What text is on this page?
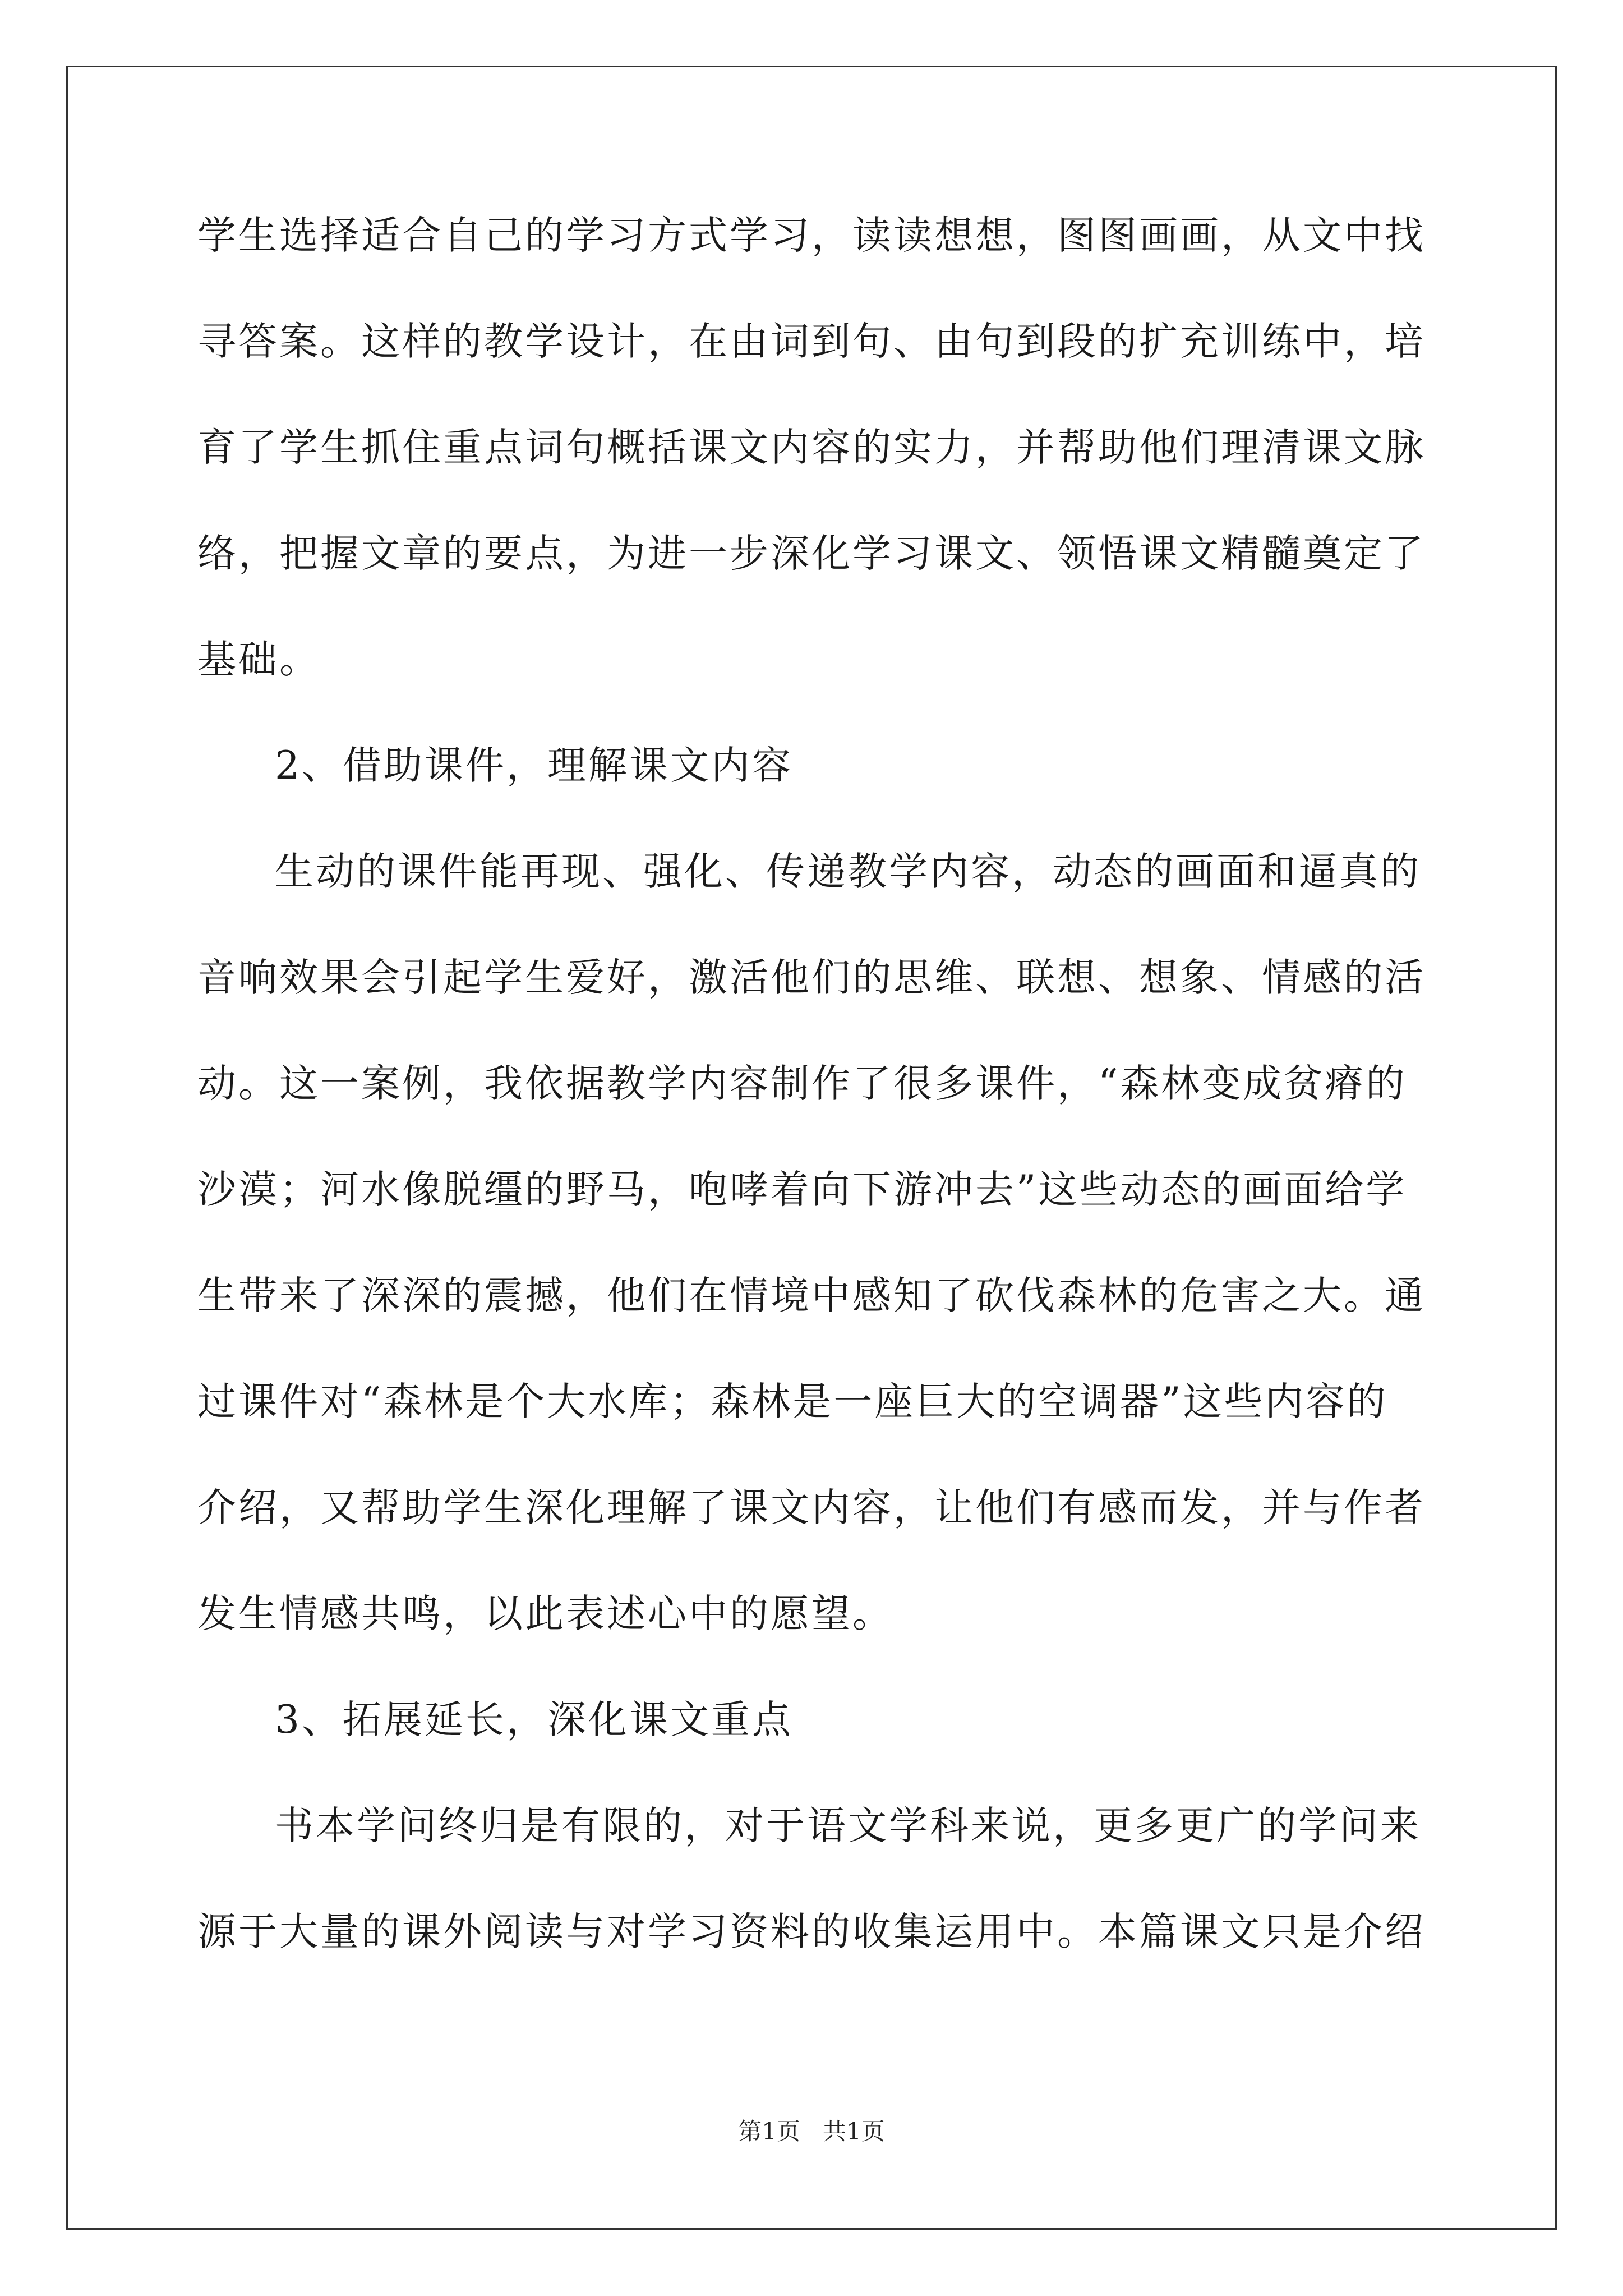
学生选择适合自己的学习方式学习，读读想想，图图画画，从文中找
寻答案。这样的教学设计，在由词到句、由句到段的扩充训练中，培
育了学生抓住重点词句概括课文内容的实力，并帮助他们理清课文脉
络，把握文章的要点，为进一步深化学习课文、领悟课文精髓奠定了
基础。
2、借助课件，理解课文内容
生动的课件能再现、强化、传递教学内容，动态的画面和逼真的
音响效果会引起学生爱好，激活他们的思维、联想、想象、情感的活
动。这一案例，我依据教学内容制作了很多课件，“森林变成贫瘠的
沙漠；河水像脱缰的野马，咆哮着向下游冲去”这些动态的画面给学
生带来了深深的震撼，他们在情境中感知了砍伐森林的危害之大。通
过课件对“森林是个大水库；森林是一座巨大的空调器”这些内容的
介绍，又帮助学生深化理解了课文内容，让他们有感而发，并与作者
发生情感共鸣，以此表述心中的愿望。
3、拓展延长，深化课文重点
书本学问终归是有限的，对于语文学科来说，更多更广的学问来
源于大量的课外阅读与对学习资料的收集运用中。本篇课文只是介绍
第1页 共1页
